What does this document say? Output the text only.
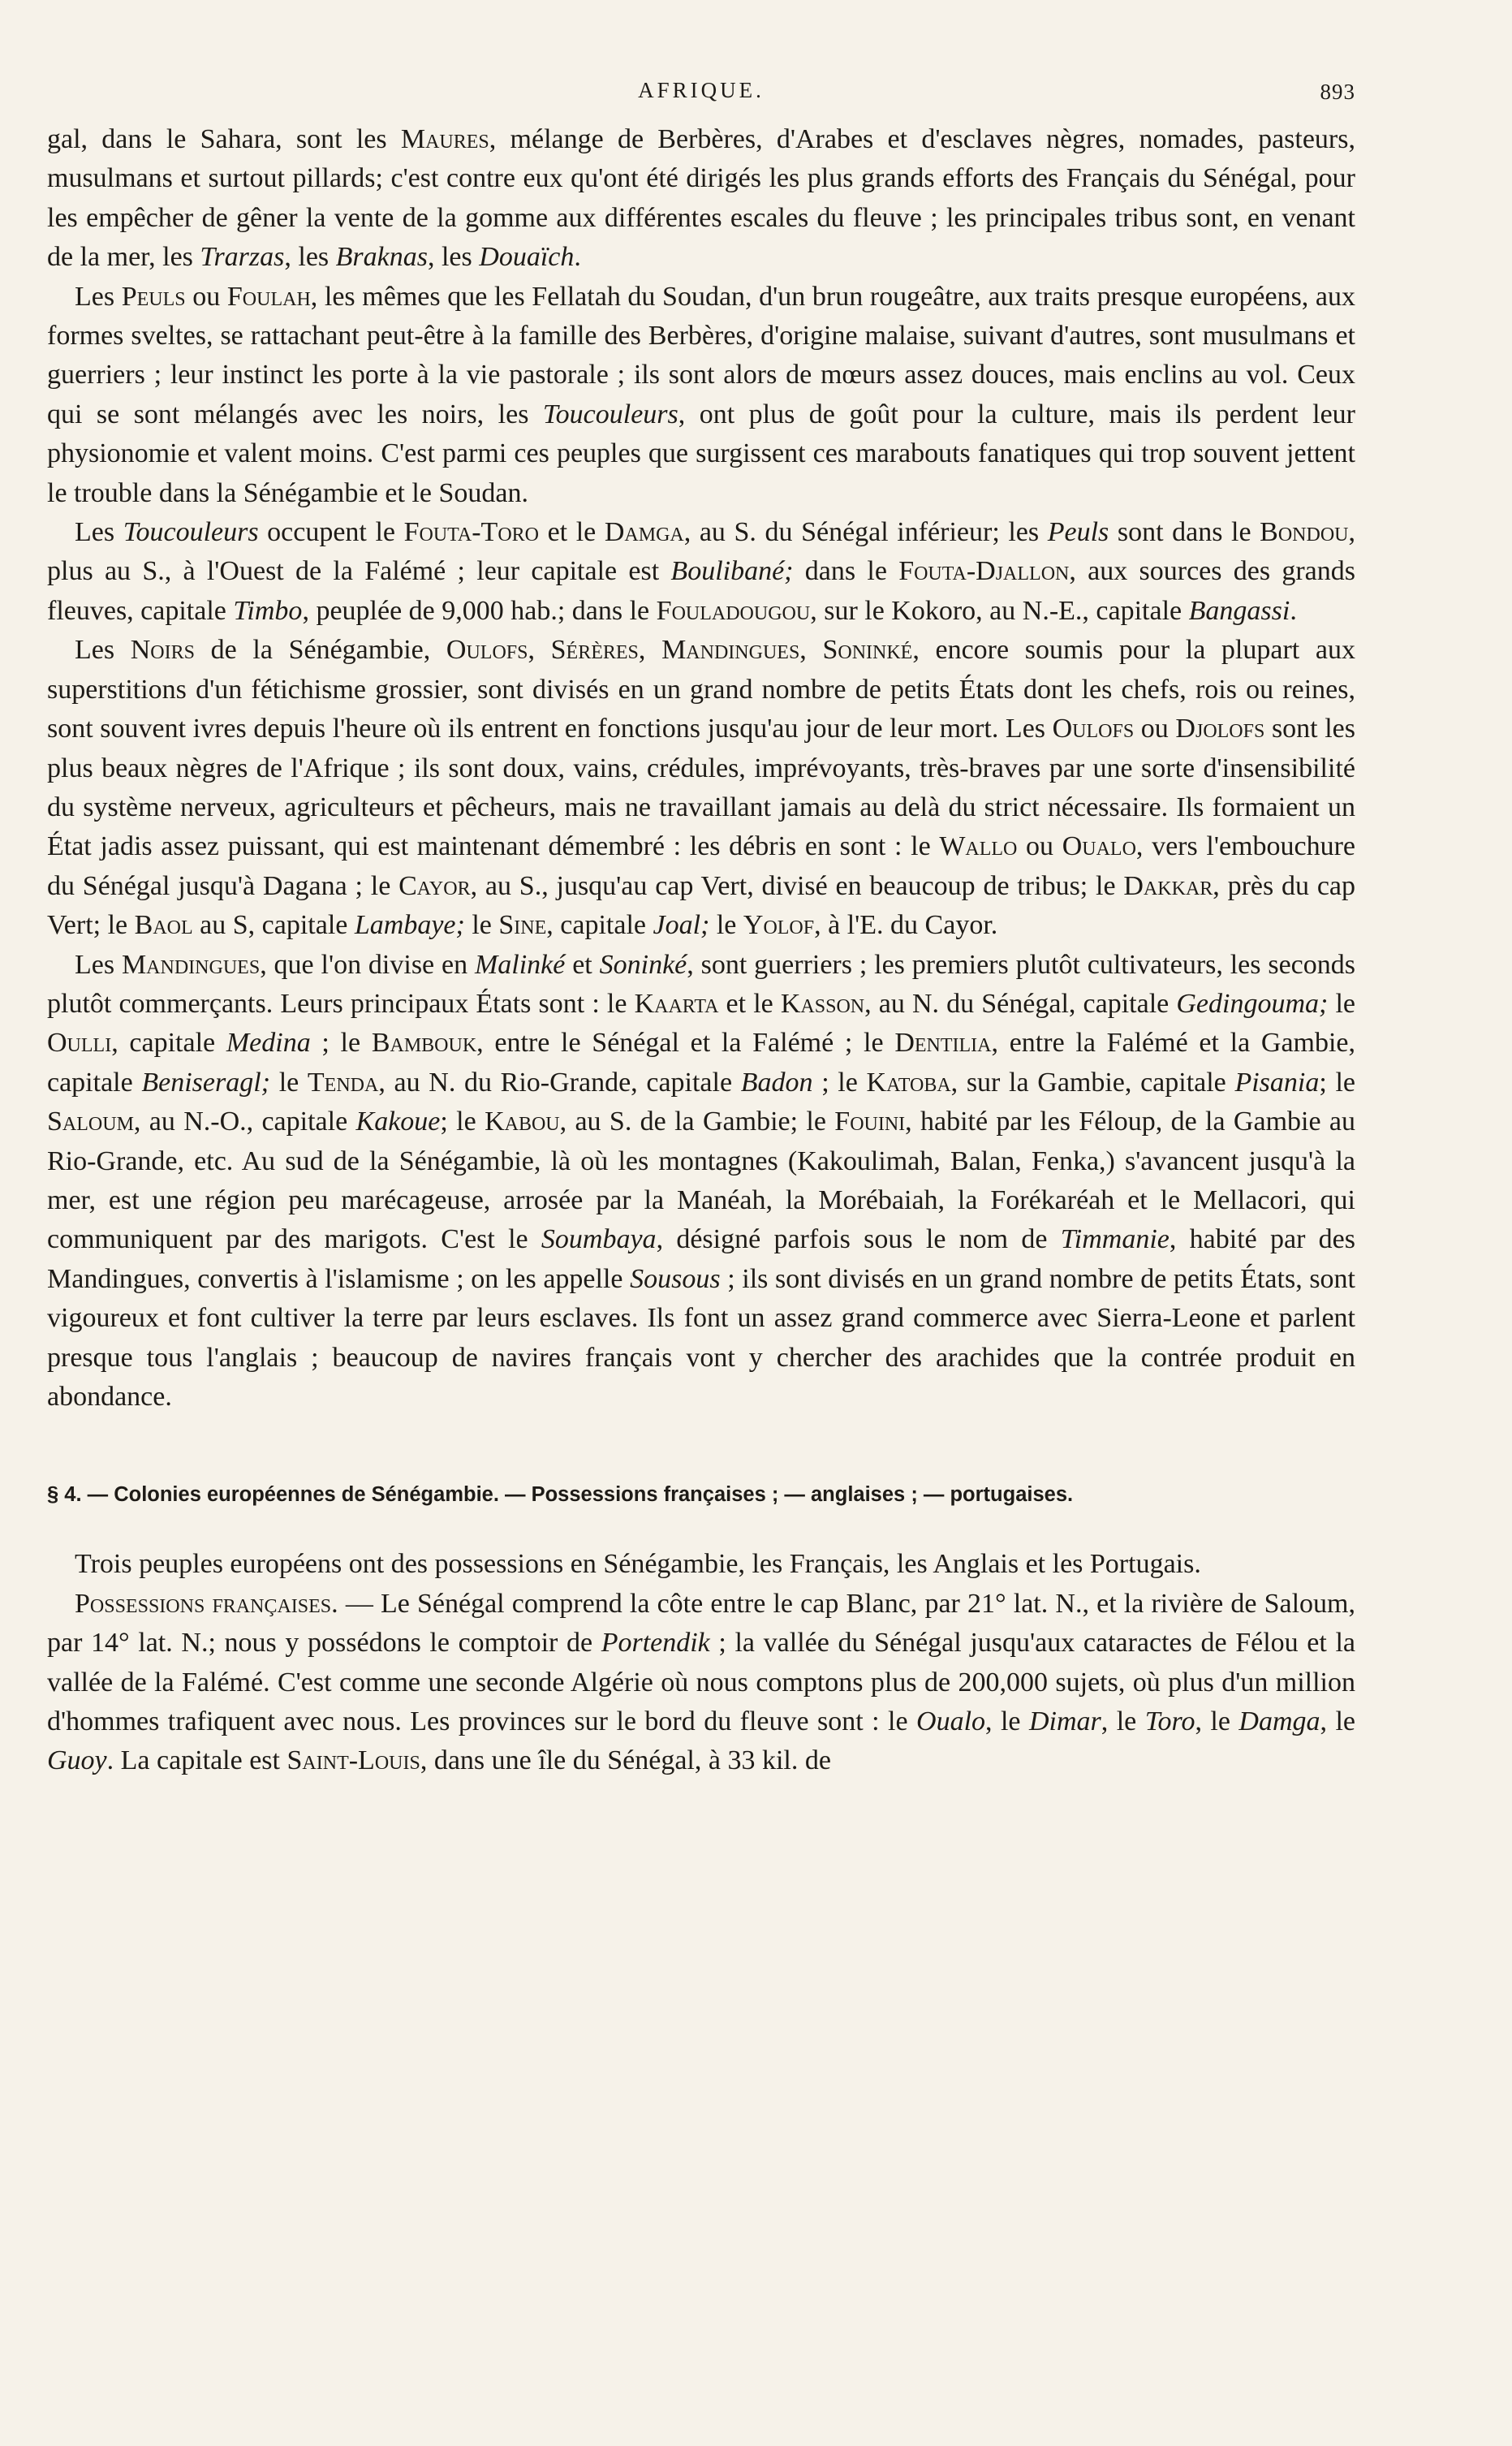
AFRIQUE.	893

gal, dans le Sahara, sont les Maures, mélange de Berbères, d'Arabes et d'esclaves nègres, nomades, pasteurs, musulmans et surtout pillards; c'est contre eux qu'ont été dirigés les plus grands efforts des Français du Sénégal, pour les empêcher de gêner la vente de la gomme aux différentes escales du fleuve ; les principales tribus sont, en venant de la mer, les Trarzas, les Braknas, les Douaïch.

Les Peuls ou Foulah, les mêmes que les Fellatah du Soudan, d'un brun rougeâtre, aux traits presque européens, aux formes sveltes, se rattachant peut-être à la famille des Berbères, d'origine malaise, suivant d'autres, sont musulmans et guerriers ; leur instinct les porte à la vie pastorale ; ils sont alors de mœurs assez douces, mais enclins au vol. Ceux qui se sont mélangés avec les noirs, les Toucouleurs, ont plus de goût pour la culture, mais ils perdent leur physionomie et valent moins. C'est parmi ces peuples que surgissent ces marabouts fanatiques qui trop souvent jettent le trouble dans la Sénégambie et le Soudan.

Les Toucouleurs occupent le Fouta-Toro et le Damga, au S. du Sénégal inférieur; les Peuls sont dans le Bondou, plus au S., à l'Ouest de la Falémé ; leur capitale est Boulibané; dans le Fouta-Djallon, aux sources des grands fleuves, capitale Timbo, peuplée de 9,000 hab.; dans le Fouladougou, sur le Kokoro, au N.-E., capitale Bangassi.

Les Noirs de la Sénégambie, Oulofs, Sérères, Mandingues, Soninké, encore soumis pour la plupart aux superstitions d'un fétichisme grossier, sont divisés en un grand nombre de petits États dont les chefs, rois ou reines, sont souvent ivres depuis l'heure où ils entrent en fonctions jusqu'au jour de leur mort. Les Oulofs ou Djolofs sont les plus beaux nègres de l'Afrique ; ils sont doux, vains, crédules, imprévoyants, très-braves par une sorte d'insensibilité du système nerveux, agriculteurs et pêcheurs, mais ne travaillant jamais au delà du strict nécessaire. Ils formaient un État jadis assez puissant, qui est maintenant démembré : les débris en sont : le Wallo ou Oualo, vers l'embouchure du Sénégal jusqu'à Dagana ; le Cayor, au S., jusqu'au cap Vert, divisé en beaucoup de tribus; le Dakkar, près du cap Vert; le Baol au S, capitale Lambaye; le Sine, capitale Joal; le Yolof, à l'E. du Cayor.

Les Mandingues, que l'on divise en Malinké et Soninké, sont guerriers ; les premiers plutôt cultivateurs, les seconds plutôt commerçants. Leurs principaux États sont : le Kaarta et le Kasson, au N. du Sénégal, capitale Gedingouma; le Oulli, capitale Medina ; le Bambouk, entre le Sénégal et la Falémé ; le Dentilia, entre la Falémé et la Gambie, capitale Beniseragl; le Tenda, au N. du Rio-Grande, capitale Badon ; le Katoba, sur la Gambie, capitale Pisania; le Saloum, au N.-O., capitale Kakoue; le Kabou, au S. de la Gambie; le Fouini, habité par les Féloup, de la Gambie au Rio-Grande, etc. Au sud de la Sénégambie, là où les montagnes (Kakoulimah, Balan, Fenka,) s'avancent jusqu'à la mer, est une région peu marécageuse, arrosée par la Manéah, la Morébaiah, la Forékaréah et le Mellacori, qui communiquent par des marigots. C'est le Soumbaya, désigné parfois sous le nom de Timmanie, habité par des Mandingues, convertis à l'islamisme ; on les appelle Sousous ; ils sont divisés en un grand nombre de petits États, sont vigoureux et font cultiver la terre par leurs esclaves. Ils font un assez grand commerce avec Sierra-Leone et parlent presque tous l'anglais ; beaucoup de navires français vont y chercher des arachides que la contrée produit en abondance.

§ 4. — Colonies européennes de Sénégambie. — Possessions françaises ; — anglaises ; — portugaises.

Trois peuples européens ont des possessions en Sénégambie, les Français, les Anglais et les Portugais.

Possessions françaises. — Le Sénégal comprend la côte entre le cap Blanc, par 21° lat. N., et la rivière de Saloum, par 14° lat. N.; nous y possédons le comptoir de Portendik ; la vallée du Sénégal jusqu'aux cataractes de Félou et la vallée de la Falémé. C'est comme une seconde Algérie où nous comptons plus de 200,000 sujets, où plus d'un million d'hommes trafiquent avec nous. Les provinces sur le bord du fleuve sont : le Oualo, le Dimar, le Toro, le Damga, le Guoy. La capitale est Saint-Louis, dans une île du Sénégal, à 33 kil. de
